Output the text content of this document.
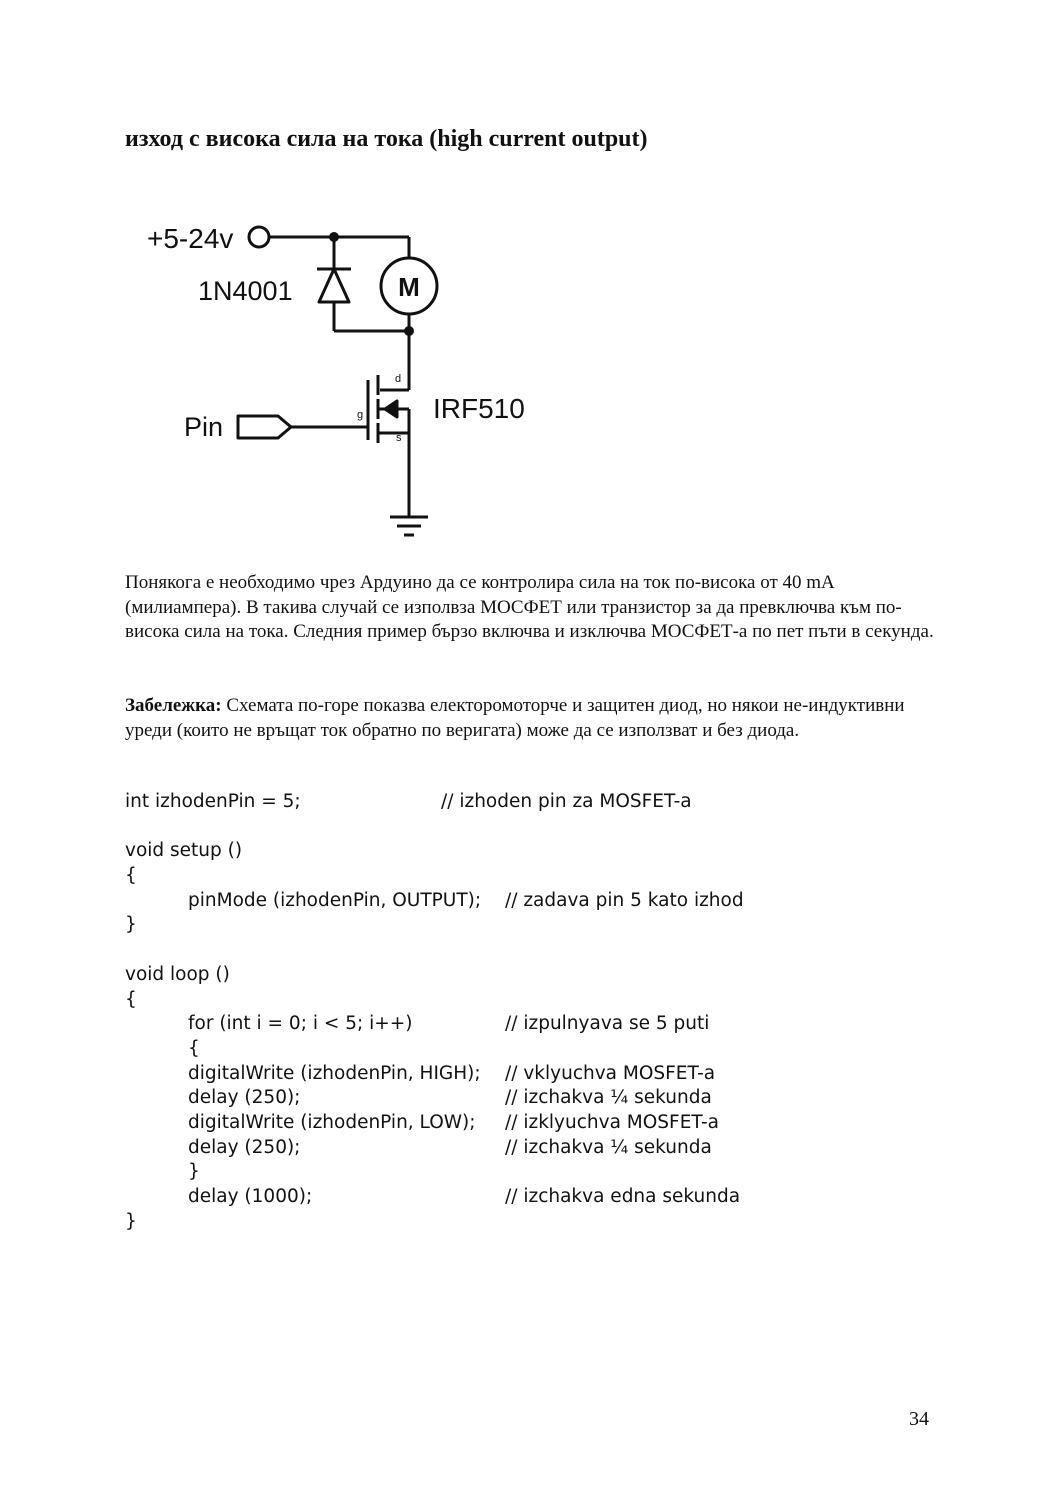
изход с висока сила на тока (high current output)
+5-24v
1N4001	M
IRF510
Pin
d
g
s

Понякога е необходимо чрез Ардуино да се контролира сила на ток по-висока от 40 mA (милиампера). В такива случай се изполвза МОСФЕТ или транзистор за да превключва към по-висока сила на тока. Следния пример бързо включва и изключва МОСФЕТ-а по пет пъти в секунда.

Забележка: Схемата по-горе показва електоромоторче и защитен диод, но някои не-индуктивни уреди (които не връщат ток обратно по веригата) може да се използват и без диода.

int izhodenPin = 5;

	// izhoden pin za MOSFET-a

void setup ()

{

pinMode (izhodenPin, OUTPUT);

// zadava pin 5 kato izhod

}

void loop ()

{

for (int i = 0; i < 5; i++)

	// izpulnyava se 5 puti

{

digitalWrite (izhodenPin, HIGH);

// vklyuchva MOSFET-a

delay (250);

	// izchakva ¼ sekunda

digitalWrite (izhodenPin, LOW);

// izklyuchva MOSFET-a

delay (250);

	// izchakva ¼ sekunda

}

delay (1000);

	// izchakva edna sekunda

}

34
